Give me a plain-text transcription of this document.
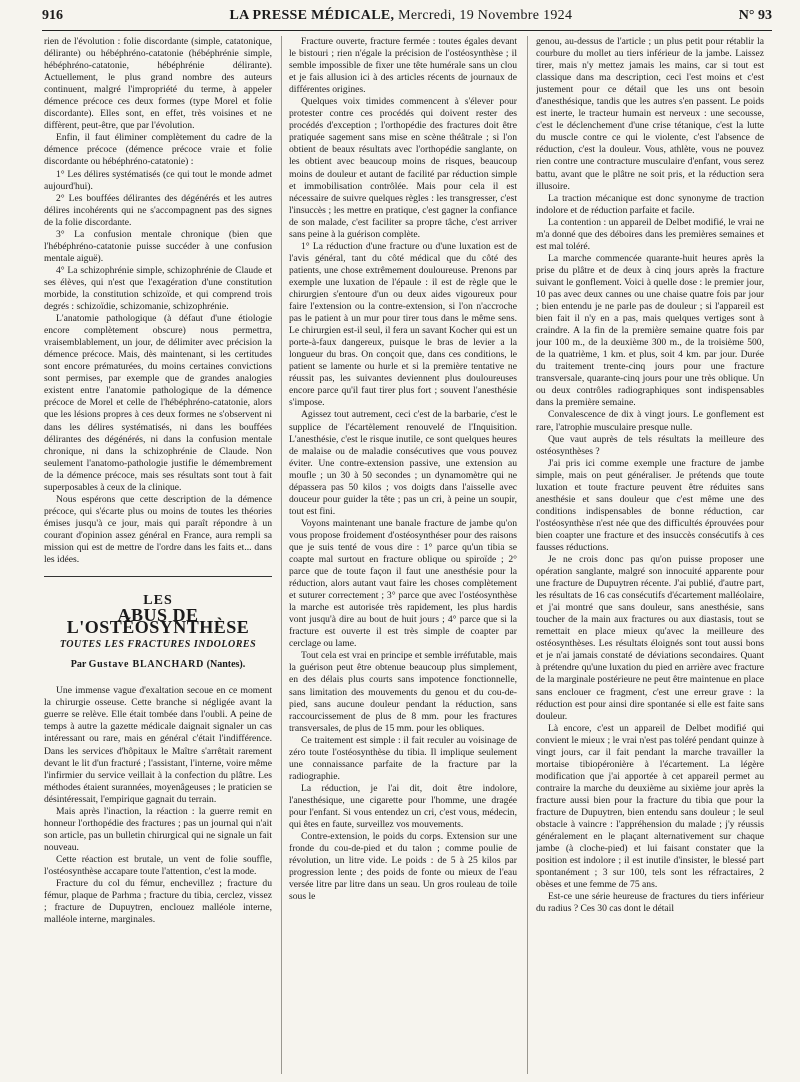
916	LA PRESSE MÉDICALE, Mercredi, 19 Novembre 1924	N° 93

rien de l'évolution : folie discordante (simple, catatonique, délirante) ou hébéphréno-catatonie (hébéphrénie simple, hébéphréno-catatonie, hébéphrénie délirante). Actuellement, le plus grand nombre des auteurs continuent, malgré l'impropriété du terme, à appeler démence précoce ces deux formes (type Morel et folie discordante). Elles sont, en effet, très voisines et ne diffèrent, peut-être, que par l'évolution.

Enfin, il faut éliminer complètement du cadre de la démence précoce (démence précoce vraie et folie discordante ou hébéphréno-catatonie) :

1° Les délires systématisés (ce qui tout le monde admet aujourd'hui).

2° Les bouffées délirantes des dégénérés et les autres délires incohérents qui ne s'accompagnent pas des signes de la folie discordante.

3° La confusion mentale chronique (bien que l'hébéphréno-catatonie puisse succéder à une confusion mentale aiguë).

4° La schizophrénie simple, schizophrénie de Claude et ses élèves, qui n'est que l'exagération d'une constitution morbide, la constitution schizoïde, et qui comprend trois degrés : schizoïdie, schizomanie, schizophrénie.

L'anatomie pathologique (à défaut d'une étiologie encore complètement obscure) nous permettra, vraisemblablement, un jour, de délimiter avec précision la démence précoce. Mais, dès maintenant, si les certitudes sont encore prématurées, du moins certaines convictions sont permises, par exemple que de grandes analogies existent entre l'anatomie pathologique de la démence précoce de Morel et celle de l'hébéphréno-catatonie, alors que les lésions propres à ces deux formes ne s'observent ni dans les délires systématisés, ni dans les bouffées délirantes des dégénérés, ni dans la confusion mentale chronique, ni dans la schizophrénie de Claude. Non seulement l'anatomo-pathologie justifie le démembrement de la démence précoce, mais ses résultats sont tout à fait superposables à ceux de la clinique.

Nous espérons que cette description de la démence précoce, qui s'écarte plus ou moins de toutes les théories émises jusqu'à ce jour, mais qui paraît répondre à un courant d'opinion assez général en France, aura rempli sa mission qui est de mettre de l'ordre dans les faits et... dans les idées.

LES
ABUS DE L'OSTÉOSYNTHÈSE
TOUTES LES FRACTURES INDOLORES
Par Gustave BLANCHARD (Nantes).

Une immense vague d'exaltation secoue en ce moment la chirurgie osseuse. Cette branche si négligée avant la guerre se relève. Elle était tombée dans l'oubli. A peine de temps à autre la gazette médicale daignait signaler un cas intéressant ou rare, mais en général c'était l'indifférence. Dans les services d'hôpitaux le Maître s'arrêtait rarement devant le lit d'un fracturé ; l'assistant, l'interne, voire même l'infirmier du service veillait à la confection du plâtre. Les méthodes étaient surannées, moyenâgeuses ; le praticien se désintéressait, l'empirique gagnait du terrain.

Mais après l'inaction, la réaction : la guerre remit en honneur l'orthopédie des fractures ; pas un journal qui n'ait son article, pas un bulletin chirurgical qui ne signale un fait nouveau.

Cette réaction est brutale, un vent de folie souffle, l'ostéosynthèse accapare toute l'attention, c'est la mode.

Fracture du col du fémur, enchevillez ; fracture du fémur, plaque de Parhma ; fracture du tibia, cerclez, vissez ; fracture de Dupuytren, enclouez malléole interne, malléole interne, marginales.

Fracture ouverte, fracture fermée : toutes égales devant le bistouri ; rien n'égale la précision de l'ostéosynthèse ; il semble impossible de fixer une tête humérale sans un clou et je fais allusion ici à des articles récents de journaux de différentes origines.

Quelques voix timides commencent à s'élever pour protester contre ces procédés qui doivent rester des procédés d'exception ; l'orthopédie des fractures doit être pratiquée sagement sans mise en scène théâtrale ; si l'on obtient de beaux résultats avec l'orthopédie sanglante, on les obtient avec beaucoup moins de risques, beaucoup moins de douleur et autant de facilité par réduction simple et immobilisation contrôlée. Mais pour cela il est nécessaire de suivre quelques règles : les transgresser, c'est l'insuccès ; les mettre en pratique, c'est gagner la confiance de son malade, c'est faciliter sa propre tâche, c'est arriver sans peine à la guérison complète.

1° La réduction d'une fracture ou d'une luxation est de l'avis général, tant du côté médical que du côté des patients, une chose extrêmement douloureuse. Prenons par exemple une luxation de l'épaule : il est de règle que le chirurgien s'entoure d'un ou deux aides vigoureux pour faire l'extension ou la contre-extension, si l'on n'accroche pas le patient à un mur pour tirer tous dans le même sens. Le chirurgien est-il seul, il fera un savant Kocher qui est un porte-à-faux dangereux, puisque le bras de levier a la longueur du bras. On conçoit que, dans ces conditions, le patient se lamente ou hurle et si la première tentative ne réussit pas, les suivantes deviennent plus douloureuses encore parce qu'il faut tirer plus fort ; souvent l'anesthésie s'impose.

Agissez tout autrement, ceci c'est de la barbarie, c'est le supplice de l'écartèlement renouvelé de l'Inquisition. L'anesthésie, c'est le risque inutile, ce sont quelques heures de malaise ou de maladie consécutives que vous pouvez éviter. Une contre-extension passive, une extension au moufle ; un 30 à 50 secondes ; un dynamomètre qui ne dépassera pas 50 kilos ; vos doigts dans l'aisselle avec douceur pour guider la tête ; pas un cri, à peine un soupir, tout est fini.

Voyons maintenant une banale fracture de jambe qu'on vous propose froidement d'ostéosynthéser pour des raisons que je suis tenté de vous dire : 1° parce qu'un tibia se coapte mal surtout en fracture oblique ou spiroïde ; 2° parce que de toute façon il faut une anesthésie pour la réduction, alors autant vaut faire les choses complètement et suturer correctement ; 3° parce que avec l'ostéosynthèse la marche est autorisée très rapidement, les plus hardis vont jusqu'à dire au bout de huit jours ; 4° parce que si la fracture est ouverte il est très simple de coapter par cerclage ou lame.

Tout cela est vrai en principe et semble irréfutable, mais la guérison peut être obtenue beaucoup plus simplement, en des délais plus courts sans impotence fonctionnelle, sans limitation des mouvements du genou et du cou-de-pied, sans aucune douleur pendant la réduction, sans raccourcissement de plus de 8 mm. pour les fractures transversales, de plus de 15 mm. pour les obliques.

Ce traitement est simple : il fait reculer au voisinage de zéro toute l'ostéosynthèse du tibia. Il implique seulement une connaissance parfaite de la fracture par la radiographie.

La réduction, je l'ai dit, doit être indolore, l'anesthésique, une cigarette pour l'homme, une dragée pour l'enfant. Si vous entendez un cri, c'est vous, médecin, qui êtes en faute, surveillez vos mouvements.

Contre-extension, le poids du corps. Extension sur une fronde du cou-de-pied et du talon ; comme poulie de révolution, un litre vide. Le poids : de 5 à 25 kilos par progression lente ; des poids de fonte ou mieux de l'eau versée litre par litre dans un seau. Un gros rouleau de toile sous le

genou, au-dessus de l'article ; un plus petit pour rétablir la courbure du mollet au tiers inférieur de la jambe. Laissez tirer, mais n'y mettez jamais les mains, car si tout est classique dans ma description, ceci l'est moins et c'est justement pour ce détail que les uns ont besoin d'anesthésique, tandis que les autres s'en passent. Le poids est inerte, le tracteur humain est nerveux : une secousse, c'est le déclenchement d'une crise tétanique, c'est la lutte du muscle contre ce qui le violente, c'est l'absence de réduction, c'est la douleur. Vous, athlète, vous ne pouvez rien contre une contracture musculaire d'enfant, vous serez battu, avant que le plâtre ne soit pris, et la réduction sera illusoire.

La traction mécanique est donc synonyme de traction indolore et de réduction parfaite et facile.

La contention : un appareil de Delbet modifié, le vrai ne m'a donné que des déboires dans les premières semaines et est mal toléré.

La marche commencée quarante-huit heures après la prise du plâtre et de deux à cinq jours après la fracture suivant le gonflement. Voici à quelle dose : le premier jour, 10 pas avec deux cannes ou une chaise quatre fois par jour ; bien entendu je ne parle pas de douleur ; si l'appareil est bien fait il n'y en a pas, mais quelques vertiges sont à craindre. A la fin de la première semaine quatre fois par jour 100 m., de la deuxième 300 m., de la troisième 500, de la quatrième, 1 km. et plus, soit 4 km. par jour. Durée du traitement trente-cinq jours pour une fracture transversale, quarante-cinq jours pour une très oblique. Un ou deux contrôles radiographiques sont indispensables dans la première semaine.

Convalescence de dix à vingt jours. Le gonflement est rare, l'atrophie musculaire presque nulle.

Que vaut auprès de tels résultats la meilleure des ostéosynthèses ?

J'ai pris ici comme exemple une fracture de jambe simple, mais on peut généraliser. Je prétends que toute luxation et toute fracture peuvent être réduites sans anesthésie et sans douleur que c'est même une des conditions indispensables de bonne réduction, car l'ostéosynthèse n'est née que des difficultés éprouvées pour bien coapter une fracture et des insuccès consécutifs à ces fausses réductions.

Je ne crois donc pas qu'on puisse proposer une opération sanglante, malgré son innocuité apparente pour une fracture de Dupuytren récente. J'ai publié, d'autre part, les résultats de 16 cas consécutifs d'écartement malléolaire, et j'ai montré que sans douleur, sans anesthésie, sans toucher de la main aux fractures ou aux diastasis, tout se remettait en place mieux qu'avec la meilleure des ostéosynthèses. Les résultats éloignés sont tout aussi bons et je n'ai jamais constaté de déviations secondaires. Quant à prétendre qu'une luxation du pied en arrière avec fracture de la marginale postérieure ne peut être maintenue en place sans enclouer ce fragment, c'est une erreur grave : la réduction est pour ainsi dire spontanée si elle est faite sans douleur.

Là encore, c'est un appareil de Delbet modifié qui convient le mieux ; le vrai n'est pas toléré pendant quinze à vingt jours, car il fait pendant la marche travailler la mortaise tibiopéronière à l'écartement. La légère modification que j'ai apportée à cet appareil permet au contraire la marche du deuxième au sixième jour après la fracture aussi bien pour la fracture du tibia que pour la fracture de Dupuytren, bien entendu sans douleur ; le seul obstacle à vaincre : l'appréhension du malade ; j'y réussis généralement en le plaçant alternativement sur chaque jambe (à cloche-pied) et lui faisant constater que la position est indolore ; il est inutile d'insister, le blessé part spontanément ; 3 sur 100, tels sont les réfractaires, 2 obèses et une femme de 75 ans.

Est-ce une série heureuse de fractures du tiers inférieur du radius ? Ces 30 cas dont le détail
